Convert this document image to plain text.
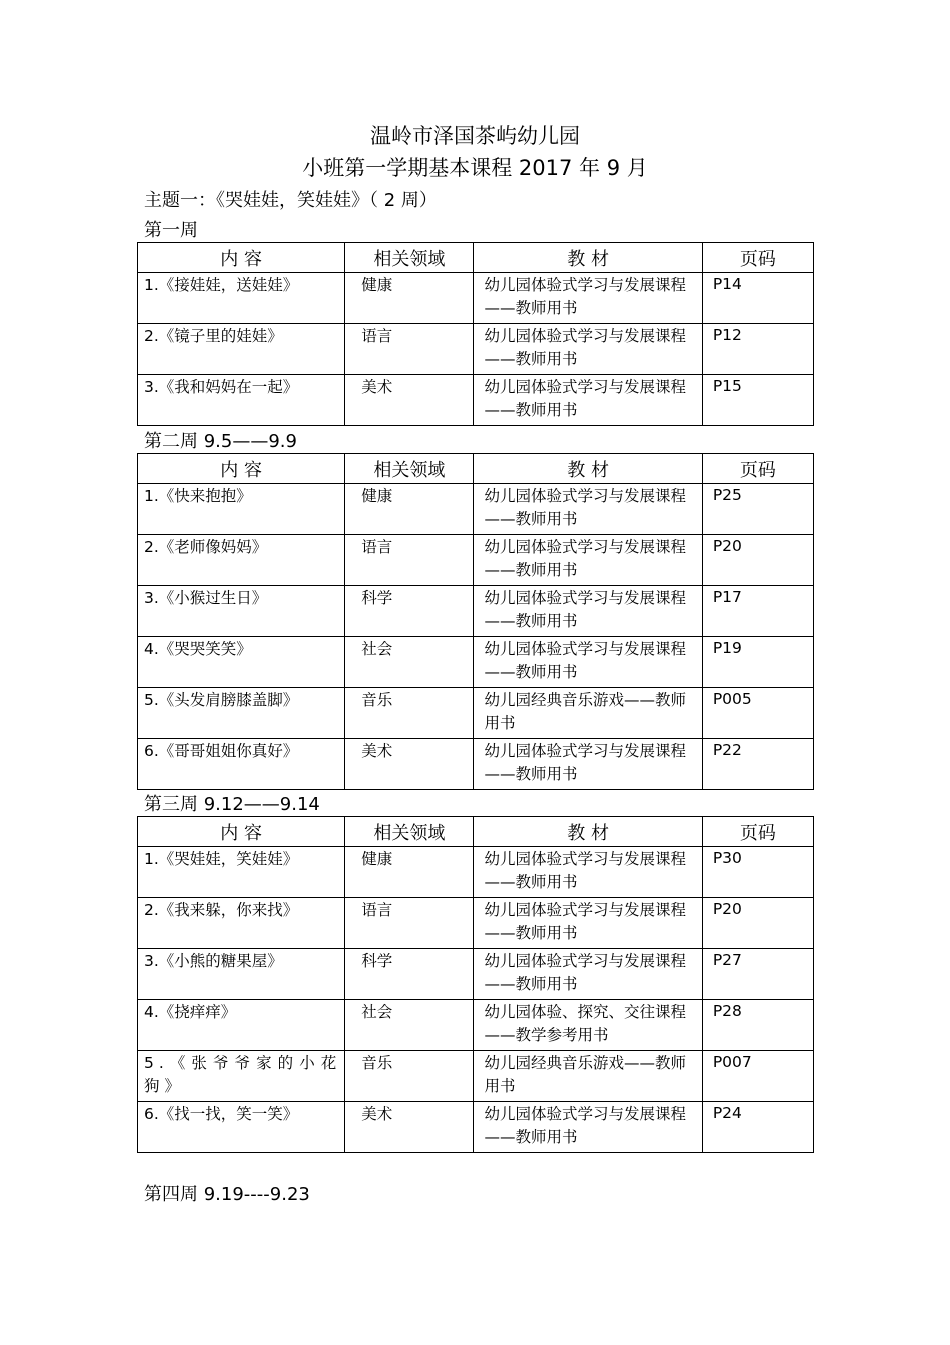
温岭市泽国茶屿幼儿园
小班第一学期基本课程 2017 年 9 月
主题一：《哭娃娃，笑娃娃》（ 2 周）
第一周
内 容	相关领域	教 材	页码
1.《接娃娃，送娃娃》	健康	幼儿园体验式学习与发展课程——教师用书	P14
2.《镜子里的娃娃》	语言	幼儿园体验式学习与发展课程——教师用书	P12
3.《我和妈妈在一起》	美术	幼儿园体验式学习与发展课程——教师用书	P15
第二周 9.5——9.9
内 容	相关领域	教 材	页码
1.《快来抱抱》	健康	幼儿园体验式学习与发展课程——教师用书	P25
2.《老师像妈妈》	语言	幼儿园体验式学习与发展课程——教师用书	P20
3.《小猴过生日》	科学	幼儿园体验式学习与发展课程——教师用书	P17
4.《哭哭笑笑》	社会	幼儿园体验式学习与发展课程——教师用书	P19
5.《头发肩膀膝盖脚》	音乐	幼儿园经典音乐游戏——教师用书	P005
6.《哥哥姐姐你真好》	美术	幼儿园体验式学习与发展课程——教师用书	P22
第三周 9.12——9.14
内 容	相关领域	教 材	页码
1.《哭娃娃，笑娃娃》	健康	幼儿园体验式学习与发展课程——教师用书	P30
2.《我来躲，你来找》	语言	幼儿园体验式学习与发展课程——教师用书	P20
3.《小熊的糖果屋》	科学	幼儿园体验式学习与发展课程——教师用书	P27
4.《挠痒痒》	社会	幼儿园体验、探究、交往课程——教学参考用书	P28
5.《张爷爷家的小花狗》	音乐	幼儿园经典音乐游戏——教师用书	P007
6.《找一找，笑一笑》	美术	幼儿园体验式学习与发展课程——教师用书	P24
第四周 9.19----9.23
